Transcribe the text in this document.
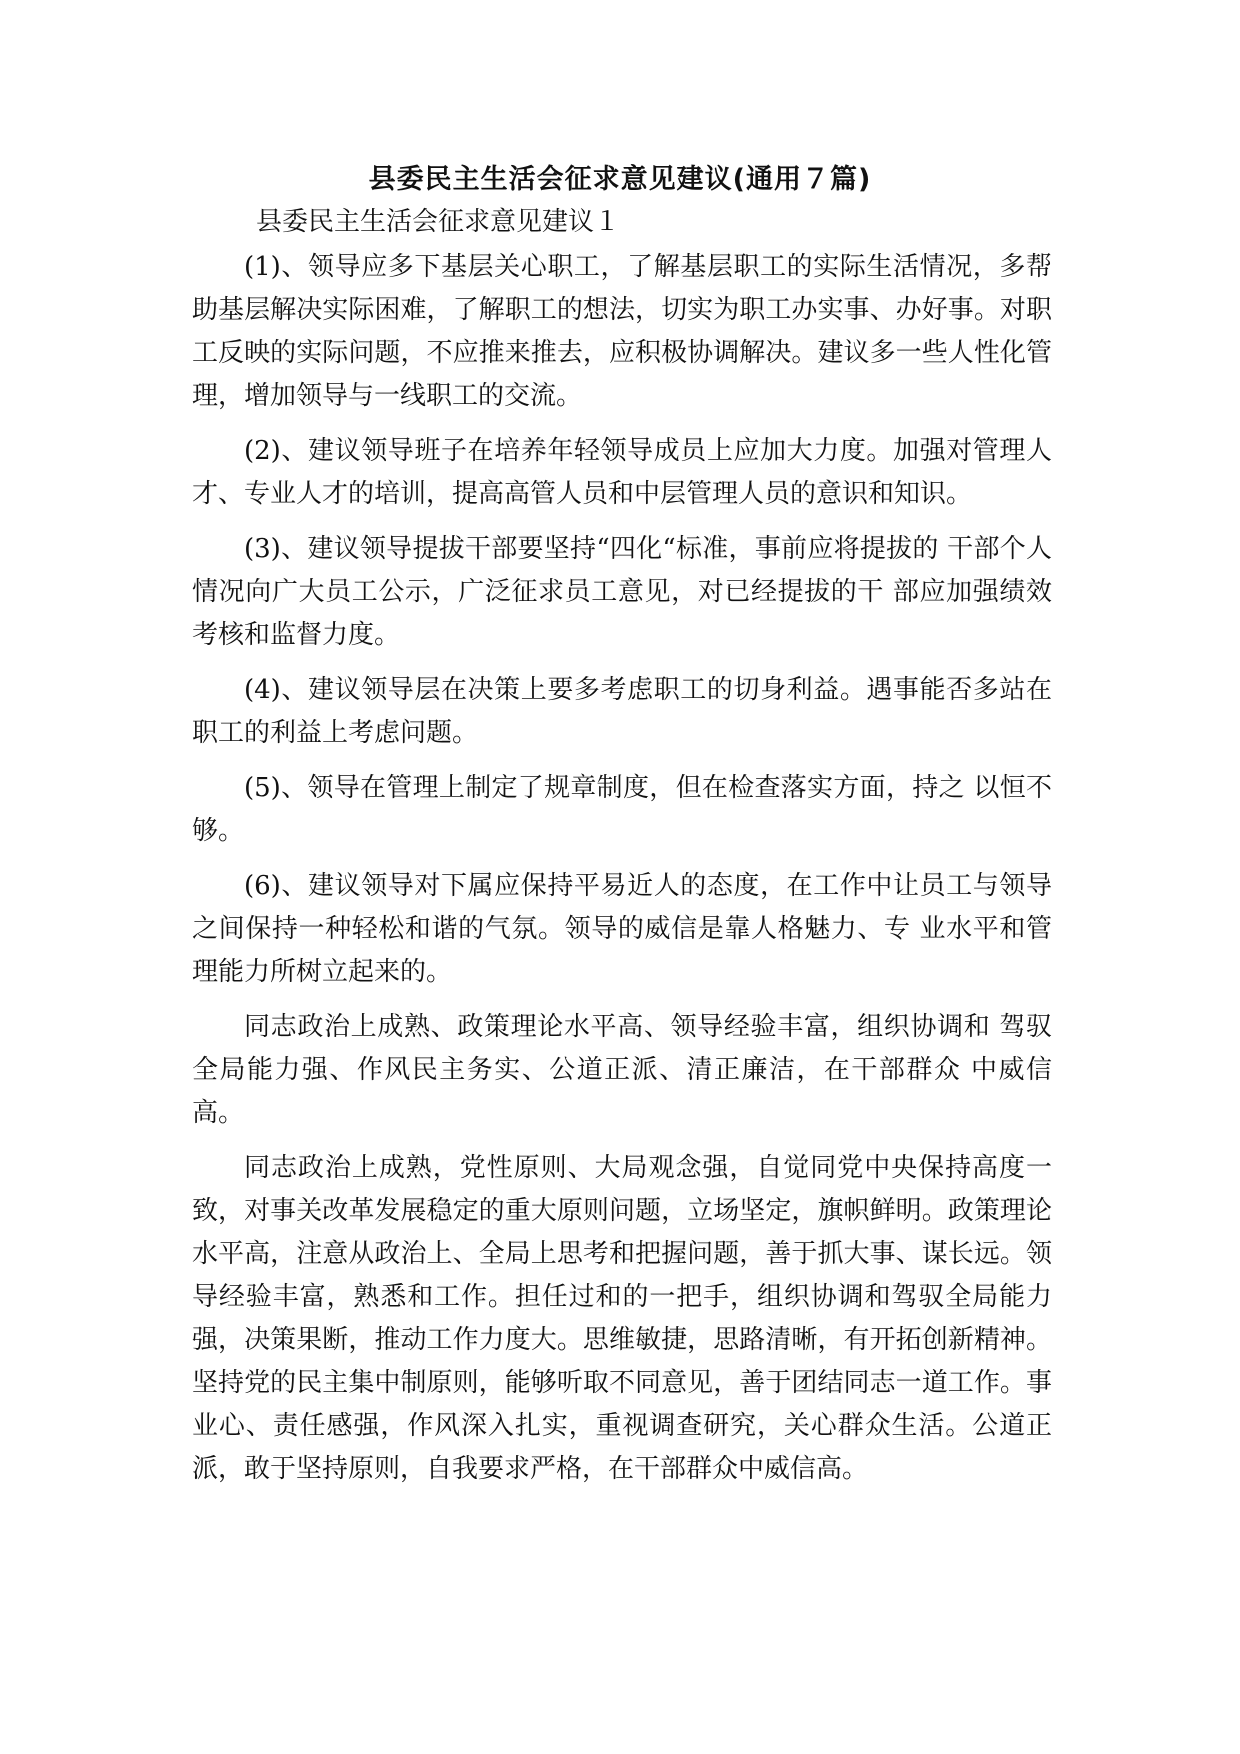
县委民主生活会征求意见建议(通用７篇)

县委民主生活会征求意见建议１

(1)、领导应多下基层关心职工，了解基层职工的实际生活情况，多帮助基层解决实际困难，了解职工的想法，切实为职工办实事、办好事。对职工反映的实际问题，不应推来推去，应积极协调解决。建议多一些人性化管理，增加领导与一线职工的交流。

(2)、建议领导班子在培养年轻领导成员上应加大力度。加强对管理人才、专业人才的培训，提高高管人员和中层管理人员的意识和知识。

(3)、建议领导提拔干部要坚持“四化“标准，事前应将提拔的 干部个人情况向广大员工公示，广泛征求员工意见，对已经提拔的干 部应加强绩效考核和监督力度。

(4)、建议领导层在决策上要多考虑职工的切身利益。遇事能否多站在职工的利益上考虑问题。

(5)、领导在管理上制定了规章制度，但在检查落实方面，持之 以恒不够。

(6)、建议领导对下属应保持平易近人的态度，在工作中让员工与领导之间保持一种轻松和谐的气氛。领导的威信是靠人格魅力、专 业水平和管理能力所树立起来的。

同志政治上成熟、政策理论水平高、领导经验丰富，组织协调和 驾驭全局能力强、作风民主务实、公道正派、清正廉洁，在干部群众 中威信高。

同志政治上成熟，党性原则、大局观念强，自觉同党中央保持高度一致，对事关改革发展稳定的重大原则问题，立场坚定，旗帜鲜明。政策理论水平高，注意从政治上、全局上思考和把握问题，善于抓大事、谋长远。领导经验丰富，熟悉和工作。担任过和的一把手，组织协调和驾驭全局能力强，决策果断，推动工作力度大。思维敏捷，思路清晰，有开拓创新精神。坚持党的民主集中制原则，能够听取不同意见，善于团结同志一道工作。事业心、责任感强，作风深入扎实，重视调查研究，关心群众生活。公道正派，敢于坚持原则，自我要求严格，在干部群众中威信高。
